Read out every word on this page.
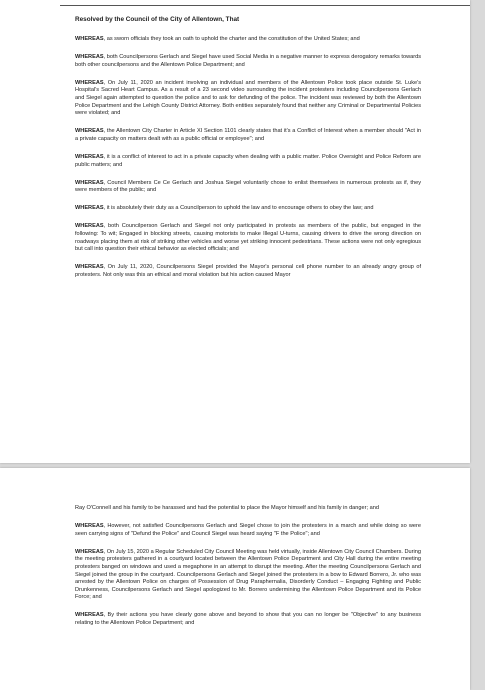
Resolved by the Council of the City of Allentown, That

WHEREAS, as sworn officials they took an oath to uphold the charter and the constitution of the United States; and

WHEREAS, both Councilpersons Gerlach and Siegel have used Social Media in a negative manner to express derogatory remarks towards both other councilpersons and the Allentown Police Department; and

WHEREAS, On July 11, 2020 an incident involving an individual and members of the Allentown Police took place outside St. Luke's Hospital's Sacred Heart Campus. As a result of a 23 second video surrounding the incident protesters including Councilpersons Gerlach and Siegel again attempted to question the police and to ask for defunding of the police. The incident was reviewed by both the Allentown Police Department and the Lehigh County District Attorney. Both entities separately found that neither any Criminal or Departmental Policies were violated; and

WHEREAS, the Allentown City Charter in Article XI Section 1101 clearly states that it's a Conflict of Interest when a member should "Act in a private capacity on matters dealt with as a public official or employee"; and

WHEREAS, it is a conflict of interest to act in a private capacity when dealing with a public matter. Police Oversight and Police Reform are public matters; and

WHEREAS, Council Members Ce Ce Gerlach and Joshua Siegel voluntarily chose to enlist themselves in numerous protests as if, they were members of the public; and

WHEREAS, it is absolutely their duty as a Councilperson to uphold the law and to encourage others to obey the law; and

WHEREAS, both Councilperson Gerlach and Siegel not only participated in protests as members of the public, but engaged in the following: To wit; Engaged in blocking streets, causing motorists to make Illegal U-turns, causing drivers to drive the wrong direction on roadways placing them at risk of striking other vehicles and worse yet striking innocent pedestrians. These actions were not only egregious but call into question their ethical behavior as elected officials; and

WHEREAS, On July 11, 2020, Councilpersons Siegel provided the Mayor's personal cell phone number to an already angry group of protesters. Not only was this an ethical and moral violation but his action caused Mayor

Ray O'Connell and his family to be harassed and had the potential to place the Mayor himself and his family in danger; and

WHEREAS, However, not satisfied Councilpersons Gerlach and Siegel chose to join the protesters in a march and while doing so were seen carrying signs of "Defund the Police" and Council Siegel was heard saying "F the Police"; and

WHEREAS, On July 15, 2020 a Regular Scheduled City Council Meeting was held virtually, inside Allentown City Council Chambers. During the meeting protesters gathered in a courtyard located between the Allentown Police Department and City Hall during the entire meeting protesters banged on windows and used a megaphone in an attempt to disrupt the meeting. After the meeting Councilpersons Gerlach and Siegel joined the group in the courtyard. Councilpersons Gerlach and Siegel joined the protesters in a bow to Edward Borrero, Jr. who was arrested by the Allentown Police on charges of Possession of Drug Paraphernalia, Disorderly Conduct – Engaging Fighting and Public Drunkenness, Councilpersons Gerlach and Siegel apologized to Mr. Borrero undermining the Allentown Police Department and its Police Force; and

WHEREAS, By their actions you have clearly gone above and beyond to show that you can no longer be "Objective" to any business relating to the Allentown Police Department; and
